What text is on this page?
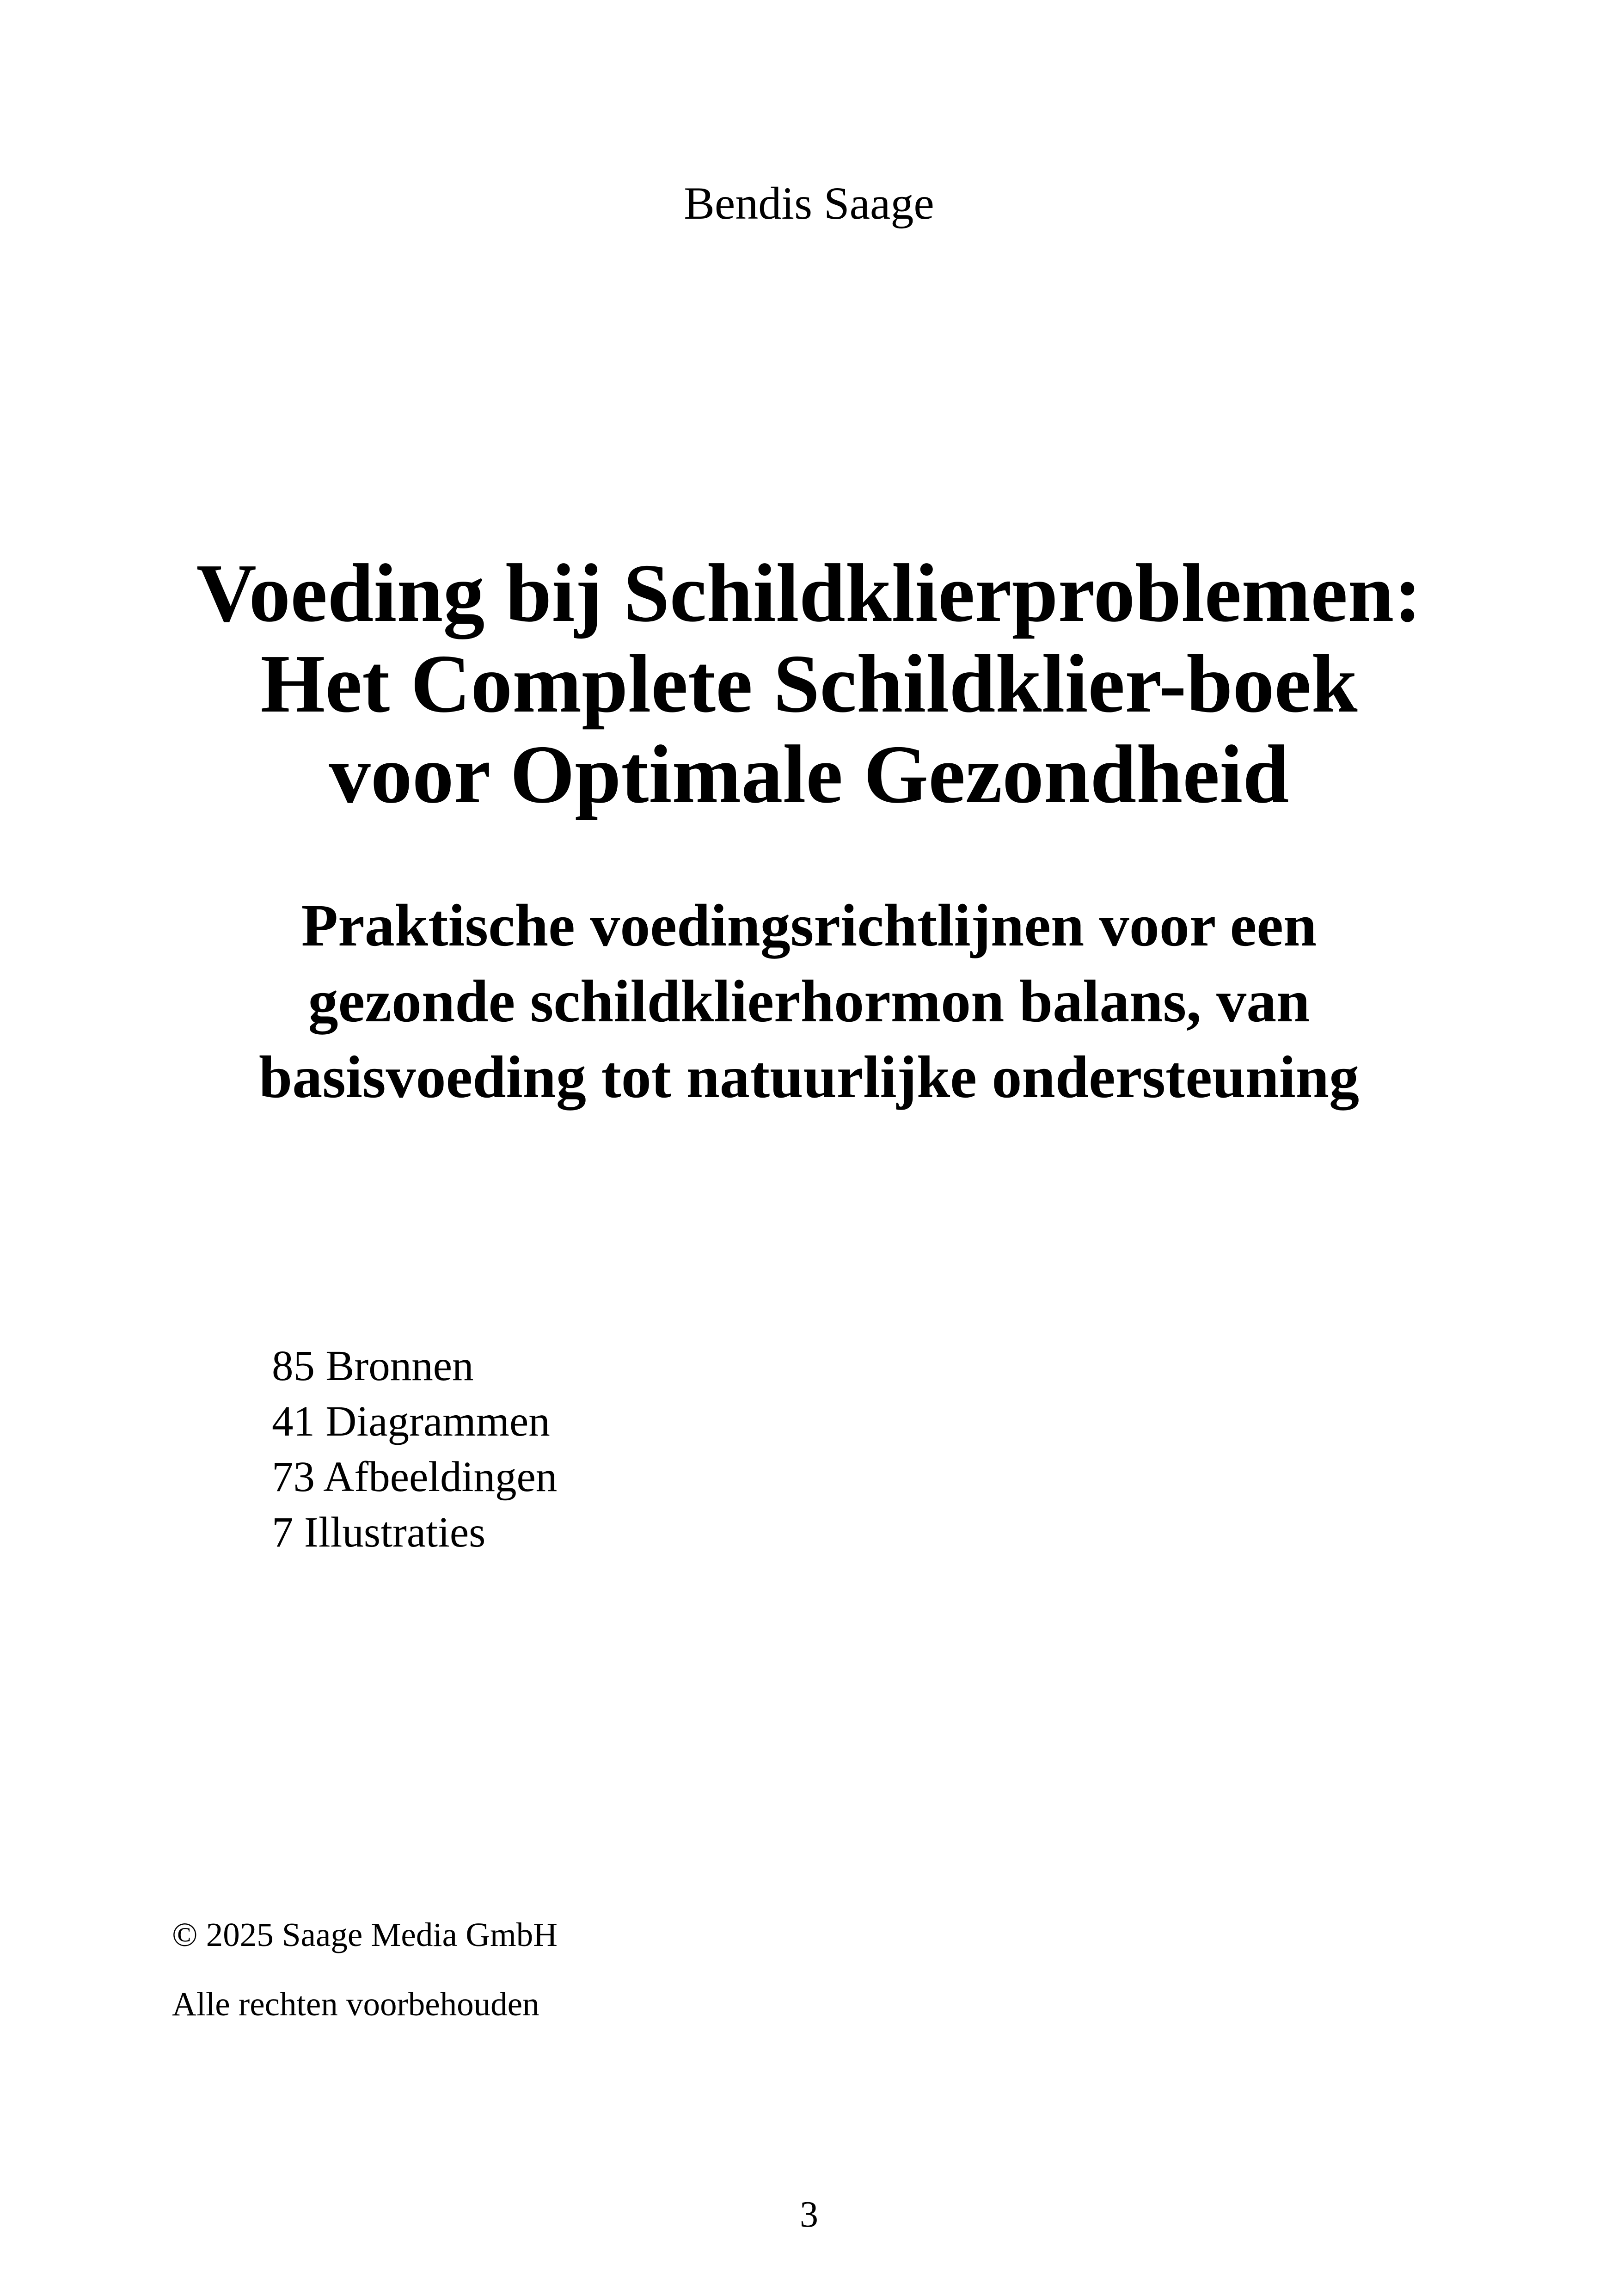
Bendis Saage
Voeding bij Schildklierproblemen:
Het Complete Schildklier-boek
voor Optimale Gezondheid
Praktische voedingsrichtlijnen voor een
gezonde schildklierhormon balans, van
basisvoeding tot natuurlijke ondersteuning
85 Bronnen
41 Diagrammen
73 Afbeeldingen
7 Illustraties
© 2025 Saage Media GmbH
Alle rechten voorbehouden
3
